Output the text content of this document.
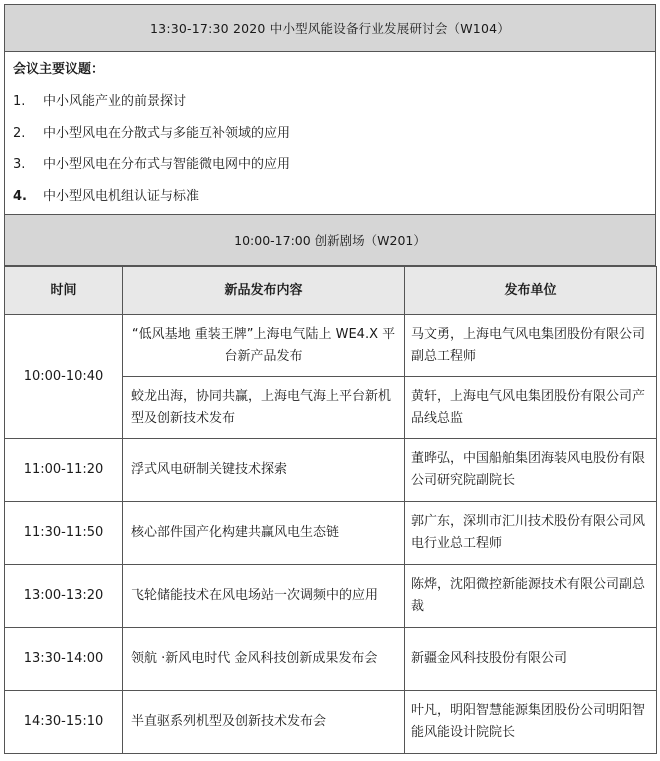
13:30-17:30 2020 中小型风能设备行业发展研讨会（W104）
会议主要议题：
1. 中小风能产业的前景探讨
2. 中小型风电在分散式与多能互补领域的应用
3. 中小型风电在分布式与智能微电网中的应用
4. 中小型风电机组认证与标准
10:00-17:00 创新剧场（W201）
时间	新品发布内容	发布单位
10:00-10:40	“低风基地 重装王牌”上海电气陆上 WE4.X 平台新产品发布	马文勇，上海电气风电集团股份有限公司副总工程师
	蛟龙出海，协同共赢，上海电气海上平台新机型及创新技术发布	黄轩，上海电气风电集团股份有限公司产品线总监
11:00-11:20	浮式风电研制关键技术探索	董晔弘，中国船舶集团海装风电股份有限公司研究院副院长
11:30-11:50	核心部件国产化构建共赢风电生态链	郭广东，深圳市汇川技术股份有限公司风电行业总工程师
13:00-13:20	飞轮储能技术在风电场站一次调频中的应用	陈烨，沈阳微控新能源技术有限公司副总裁
13:30-14:00	领航 ·新风电时代 金风科技创新成果发布会	新疆金风科技股份有限公司
14:30-15:10	半直驱系列机型及创新技术发布会	叶凡，明阳智慧能源集团股份公司明阳智能风能设计院院长
